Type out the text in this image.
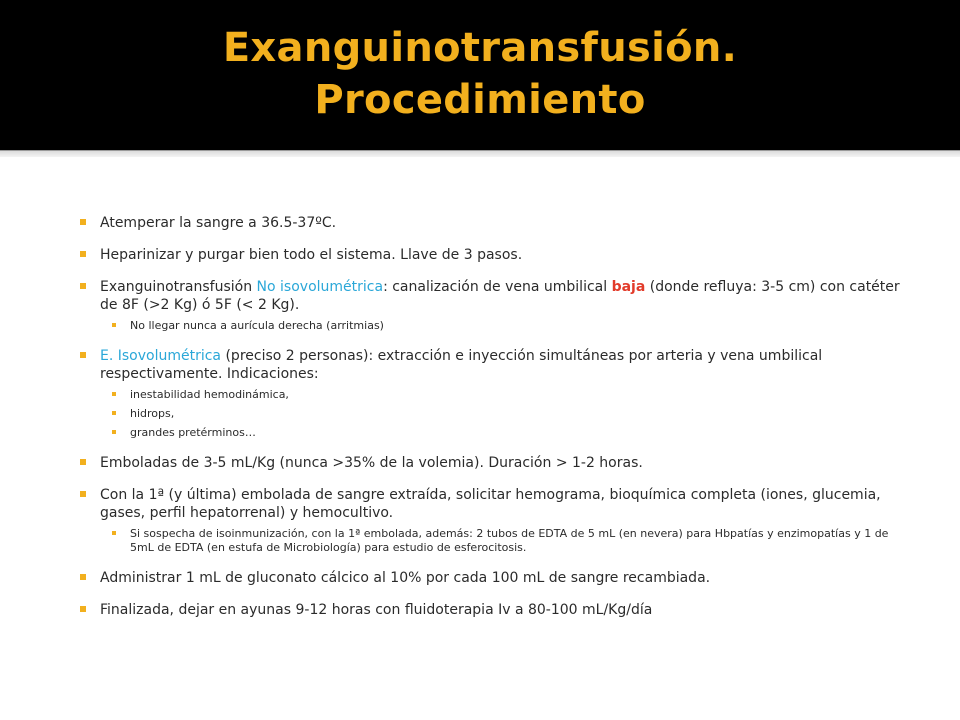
Exanguinotransfusión.
Procedimiento
Atemperar la sangre a 36.5-37ºC.
Heparinizar y purgar bien todo el sistema. Llave de 3 pasos.
Exanguinotransfusión No isovolumétrica: canalización de vena umbilical baja (donde refluya: 3-5 cm) con catéter de 8F (>2 Kg) ó 5F (< 2 Kg).
No llegar nunca a aurícula derecha (arritmias)
E. Isovolumétrica (preciso 2 personas): extracción e inyección simultáneas por arteria y vena umbilical respectivamente. Indicaciones:
inestabilidad hemodinámica,
hidrops,
grandes pretérminos…
Emboladas de 3-5 mL/Kg (nunca >35% de la volemia). Duración > 1-2 horas.
Con la 1ª (y última) embolada de sangre extraída, solicitar hemograma, bioquímica completa (iones, glucemia, gases, perfil hepatorrenal) y hemocultivo.
Si sospecha de isoinmunización, con la 1ª embolada, además: 2 tubos de EDTA de 5 mL (en nevera) para Hbpatías y enzimopatías y 1 de 5mL de EDTA (en estufa de Microbiología) para estudio de esferocitosis.
Administrar 1 mL de gluconato cálcico al 10% por cada 100 mL de sangre recambiada.
Finalizada, dejar en ayunas 9-12 horas con fluidoterapia Iv a 80-100 mL/Kg/día
